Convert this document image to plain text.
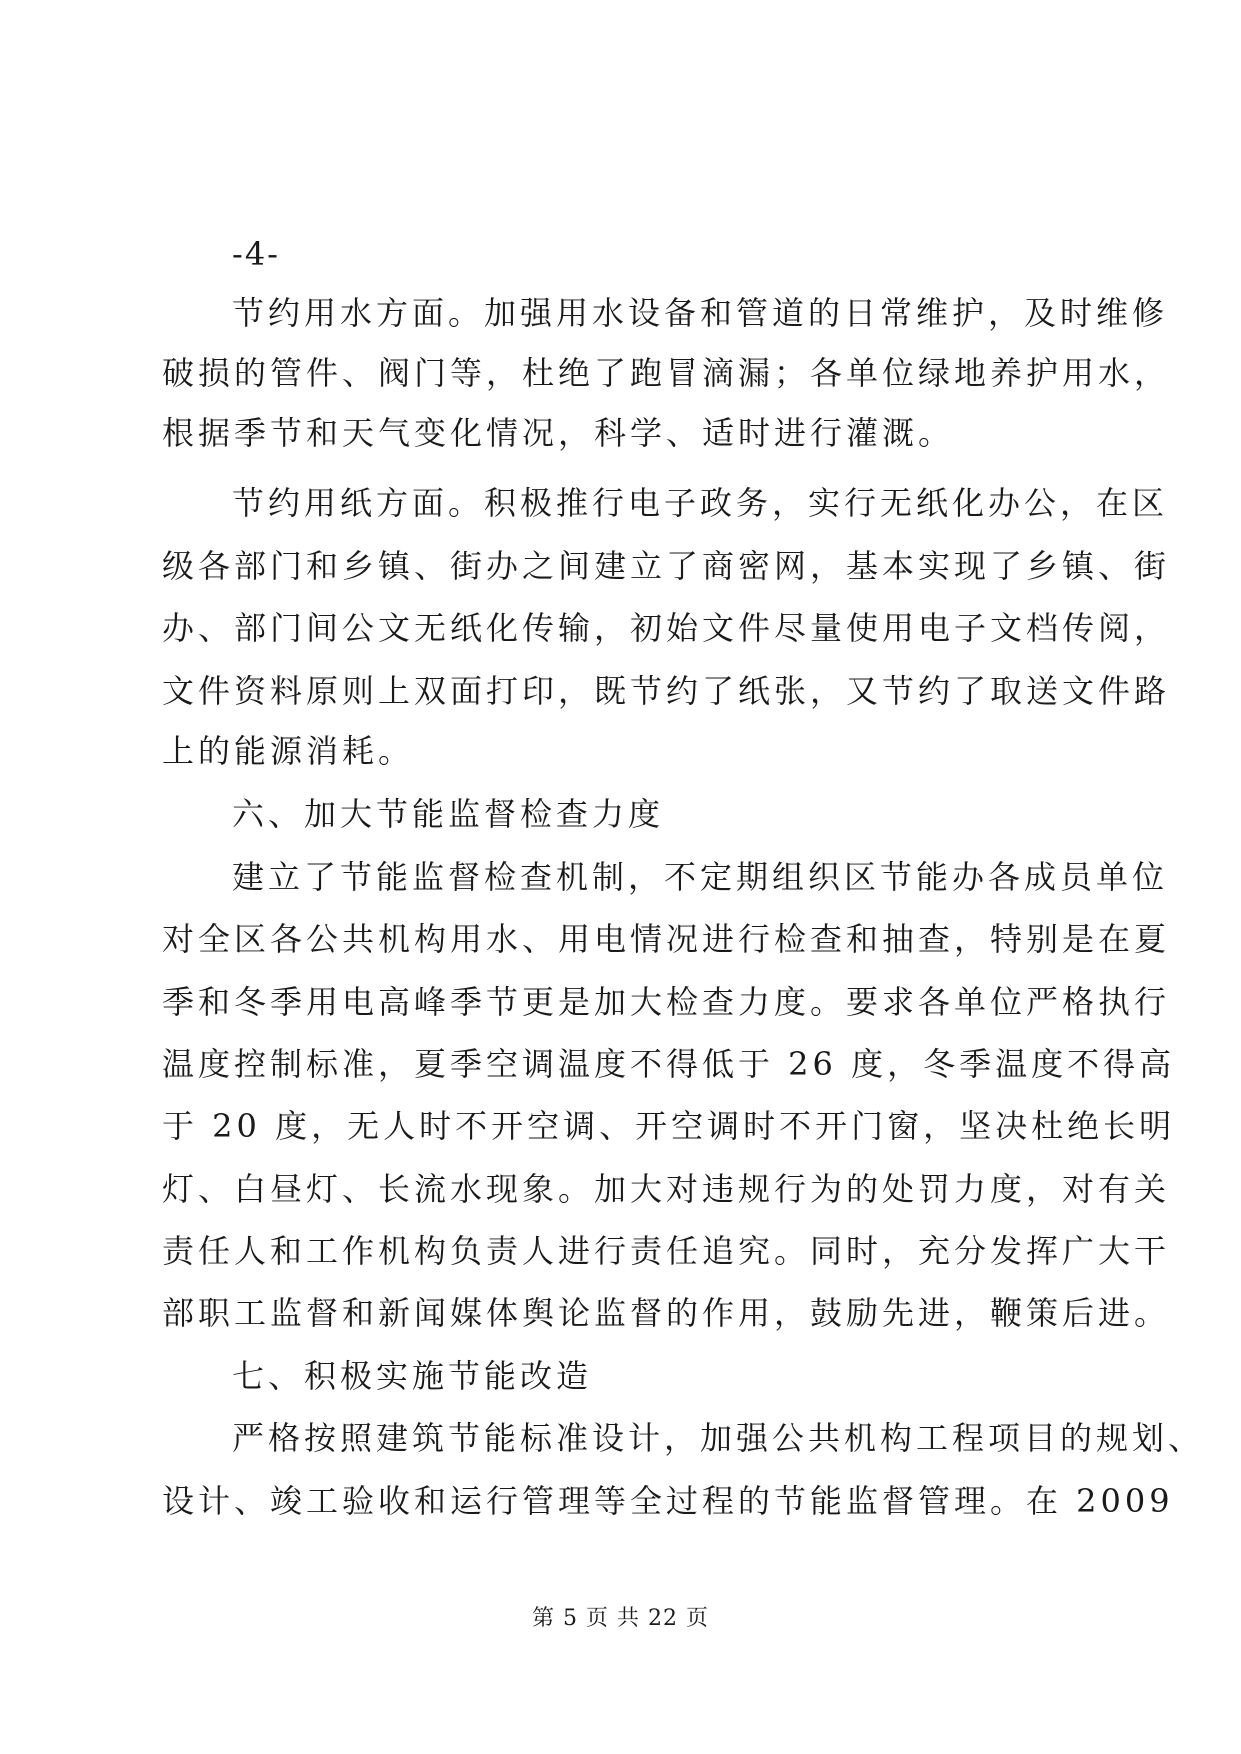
-4-
节约用水方面。加强用水设备和管道的日常维护，及时维修
破损的管件、阀门等，杜绝了跑冒滴漏；各单位绿地养护用水，
根据季节和天气变化情况，科学、适时进行灌溉。
节约用纸方面。积极推行电子政务，实行无纸化办公，在区
级各部门和乡镇、街办之间建立了商密网，基本实现了乡镇、街
办、部门间公文无纸化传输，初始文件尽量使用电子文档传阅，
文件资料原则上双面打印，既节约了纸张，又节约了取送文件路
上的能源消耗。
六、加大节能监督检查力度
建立了节能监督检查机制，不定期组织区节能办各成员单位
对全区各公共机构用水、用电情况进行检查和抽查，特别是在夏
季和冬季用电高峰季节更是加大检查力度。要求各单位严格执行
温度控制标准，夏季空调温度不得低于 26 度，冬季温度不得高
于 20 度，无人时不开空调、开空调时不开门窗，坚决杜绝长明
灯、白昼灯、长流水现象。加大对违规行为的处罚力度，对有关
责任人和工作机构负责人进行责任追究。同时，充分发挥广大干
部职工监督和新闻媒体舆论监督的作用，鼓励先进，鞭策后进。
七、积极实施节能改造
严格按照建筑节能标准设计，加强公共机构工程项目的规划、
设计、竣工验收和运行管理等全过程的节能监督管理。在 2009
第 5 页 共 22 页
